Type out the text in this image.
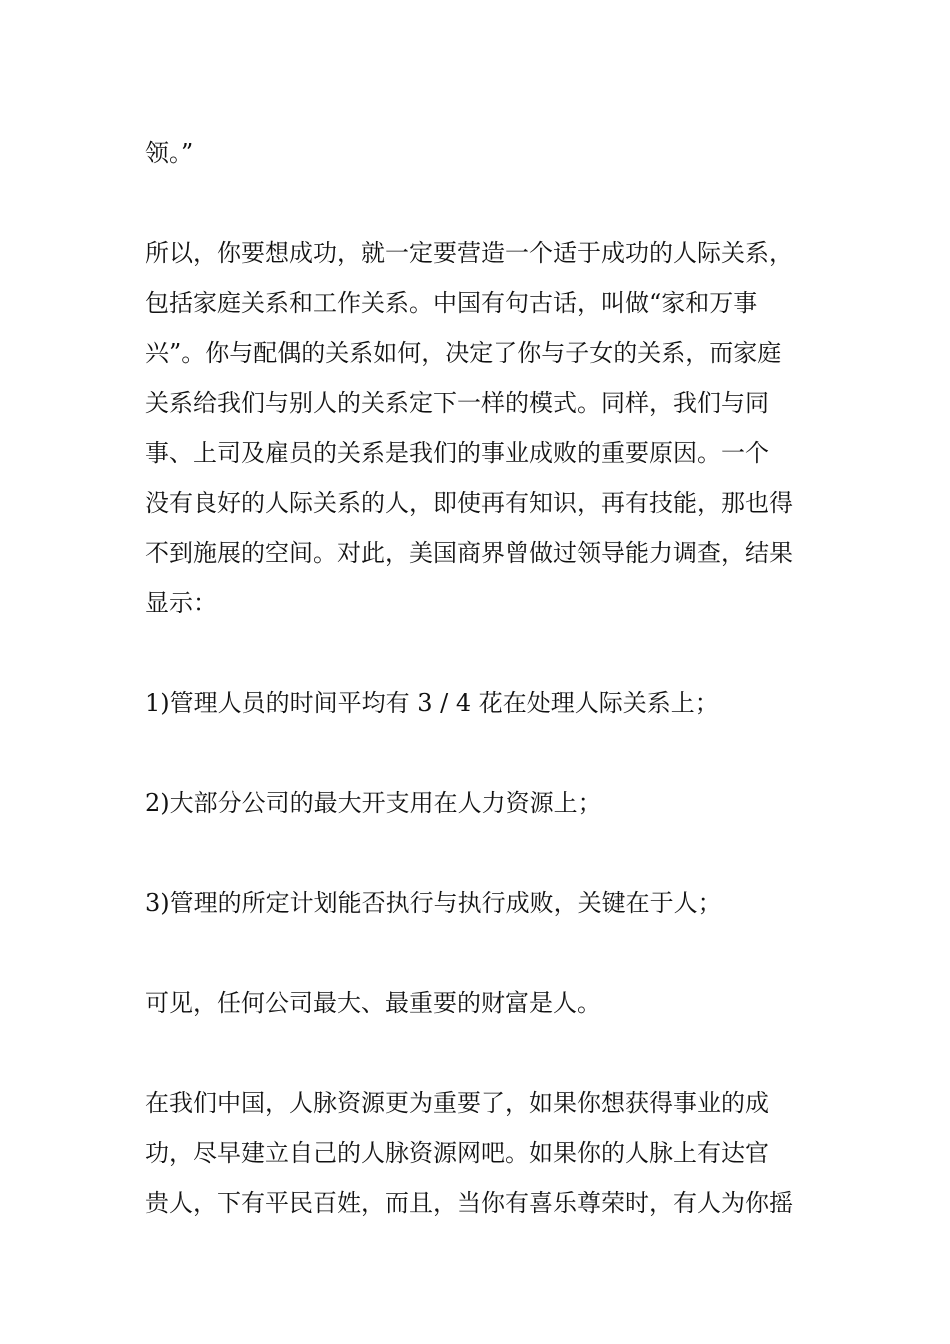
领。”

所以，你要想成功，就一定要营造一个适于成功的人际关系，
包括家庭关系和工作关系。中国有句古话，叫做“家和万事
兴”。你与配偶的关系如何，决定了你与子女的关系，而家庭
关系给我们与别人的关系定下一样的模式。同样，我们与同
事、上司及雇员的关系是我们的事业成败的重要原因。一个
没有良好的人际关系的人，即使再有知识，再有技能，那也得
不到施展的空间。对此，美国商界曾做过领导能力调查，结果
显示：

1)管理人员的时间平均有 3 / 4 花在处理人际关系上；

2)大部分公司的最大开支用在人力资源上；

3)管理的所定计划能否执行与执行成败，关键在于人；

可见，任何公司最大、最重要的财富是人。

在我们中国，人脉资源更为重要了，如果你想获得事业的成
功，尽早建立自己的人脉资源网吧。如果你的人脉上有达官
贵人，下有平民百姓，而且，当你有喜乐尊荣时，有人为你摇
